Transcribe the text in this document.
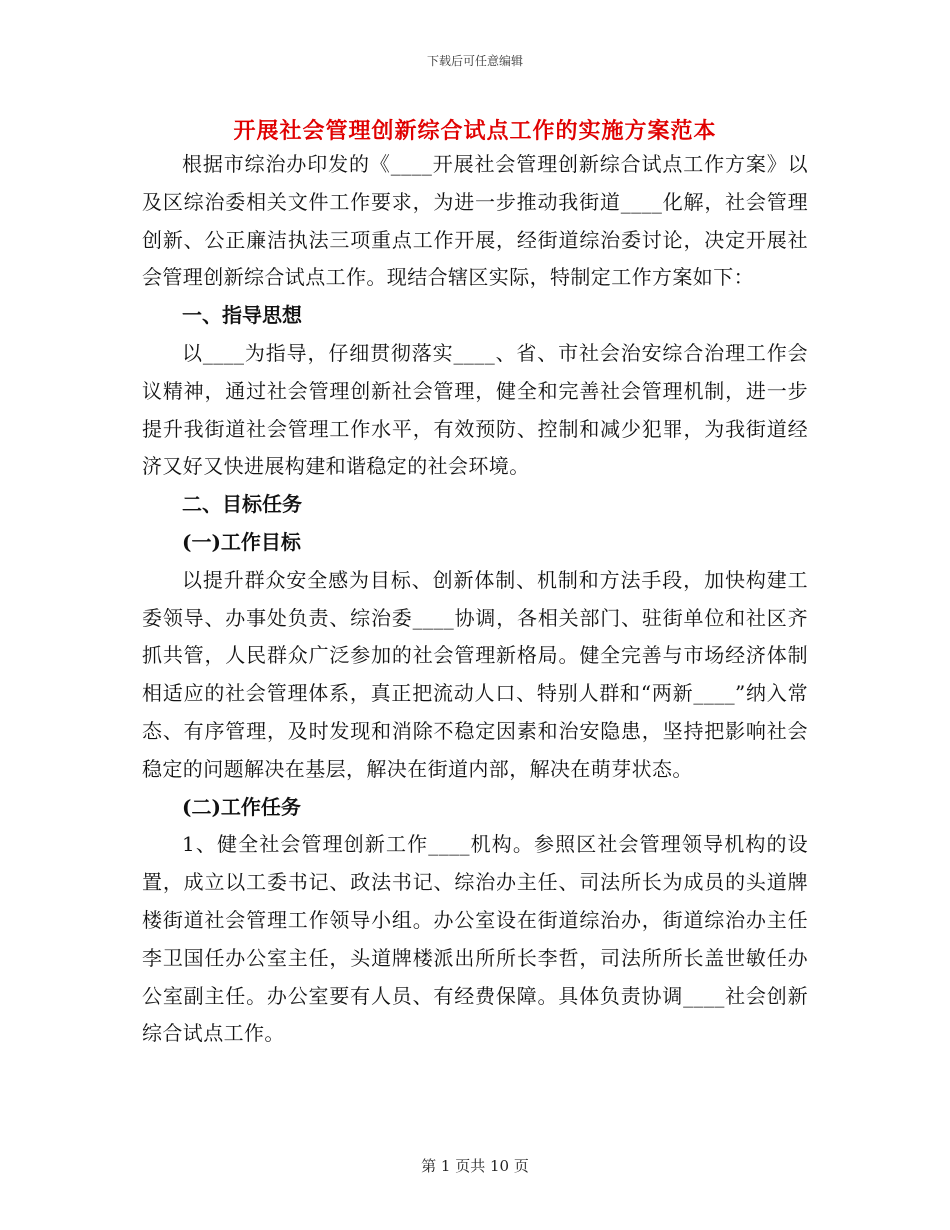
下载后可任意编辑
开展社会管理创新综合试点工作的实施方案范本

根据市综治办印发的《____开展社会管理创新综合试点工作方案》以及区综治委相关文件工作要求，为进一步推动我街道____化解，社会管理创新、公正廉洁执法三项重点工作开展，经街道综治委讨论，决定开展社会管理创新综合试点工作。现结合辖区实际，特制定工作方案如下：

一、指导思想

以____为指导，仔细贯彻落实____、省、市社会治安综合治理工作会议精神，通过社会管理创新社会管理，健全和完善社会管理机制，进一步提升我街道社会管理工作水平，有效预防、控制和减少犯罪，为我街道经济又好又快进展构建和谐稳定的社会环境。

二、目标任务

(一)工作目标

以提升群众安全感为目标、创新体制、机制和方法手段，加快构建工委领导、办事处负责、综治委____协调，各相关部门、驻街单位和社区齐抓共管，人民群众广泛参加的社会管理新格局。健全完善与市场经济体制相适应的社会管理体系，真正把流动人口、特别人群和“两新____”纳入常态、有序管理，及时发现和消除不稳定因素和治安隐患，坚持把影响社会稳定的问题解决在基层，解决在街道内部，解决在萌芽状态。

(二)工作任务

1、健全社会管理创新工作____机构。参照区社会管理领导机构的设置，成立以工委书记、政法书记、综治办主任、司法所长为成员的头道牌楼街道社会管理工作领导小组。办公室设在街道综治办，街道综治办主任李卫国任办公室主任，头道牌楼派出所所长李哲，司法所所长盖世敏任办公室副主任。办公室要有人员、有经费保障。具体负责协调____社会创新综合试点工作。

第 1 页共 10 页
